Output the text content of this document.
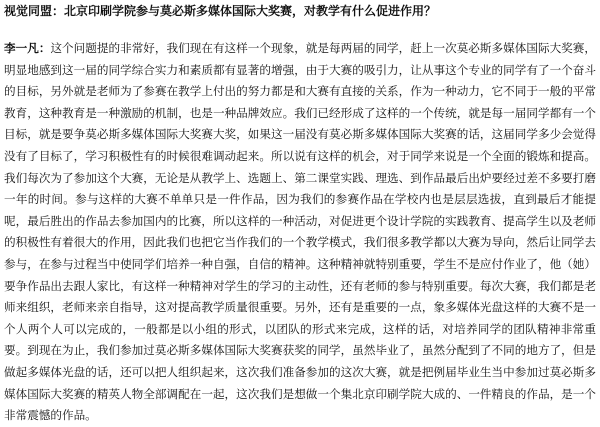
视觉同盟：北京印刷学院参与莫必斯多媒体国际大奖赛，对教学有什么促进作用？

李一凡：这个问题提的非常好，我们现在有这样一个现象，就是每两届的同学，赶上一次莫必斯多媒体国际大奖赛，明显地感到这一届的同学综合实力和素质都有显著的增强，由于大赛的吸引力，让从事这个专业的同学有了一个奋斗的目标，另外就是老师为了参赛在教学上付出的努力都是和大赛有直接的关系，作为一种动力，它不同于一般的平常教育，这种教育是一种激励的机制，也是一种品牌效应。我们已经形成了这样的一个传统，就是每一届同学都有一个目标，就是要争莫必斯多媒体国际大奖赛大奖，如果这一届没有莫必斯多媒体国际大奖赛的话，这届同学多少会觉得没有了目标了，学习积极性有的时候很难调动起来。所以说有这样的机会，对于同学来说是一个全面的锻炼和提高。我们每次为了参加这个大赛，无论是从教学上、选题上、第二课堂实践、理选、到作品最后出炉要经过差不多要打磨一年的时间。参与这样的大赛不单单只是一件作品，因为我们的参赛作品在学校内也是层层选拔，直到最后才能提呢，最后胜出的作品去参加国内的比赛，所以这样的一种活动，对促进更个设计学院的实践教育、提高学生以及老师的积极性有着很大的作用，因此我们也把它当作我们的一个教学模式，我们很多教学都以大赛为导向，然后让同学去参与，在参与过程当中使同学们培养一种自强，自信的精神。这种精神就特别重要，学生不是应付作业了，他（她）要争作品出去跟人家比，有这样一种精神对学生的学习的主动性，还有老师的参与特别重要。每次大赛，我们都是老师来组织，老师来亲自指导，这对提高教学质量很重要。另外，还有是重要的一点，象多媒体光盘这样的大赛不是一个人两个人可以完成的，一般都是以小组的形式，以团队的形式来完成，这样的话，对培养同学的团队精神非常重要。到现在为止，我们参加过莫必斯多媒体国际大奖赛获奖的同学，虽然毕业了，虽然分配到了不同的地方了，但是做起多媒体光盘的话，还可以把人组织起来，这次我们准备参加的这次大赛，就是把例届毕业生当中参加过莫必斯多媒体国际大奖赛的精英人物全部调配在一起，这次我们是想做一个集北京印刷学院大成的、一件精良的作品，是一个非常震憾的作品。
